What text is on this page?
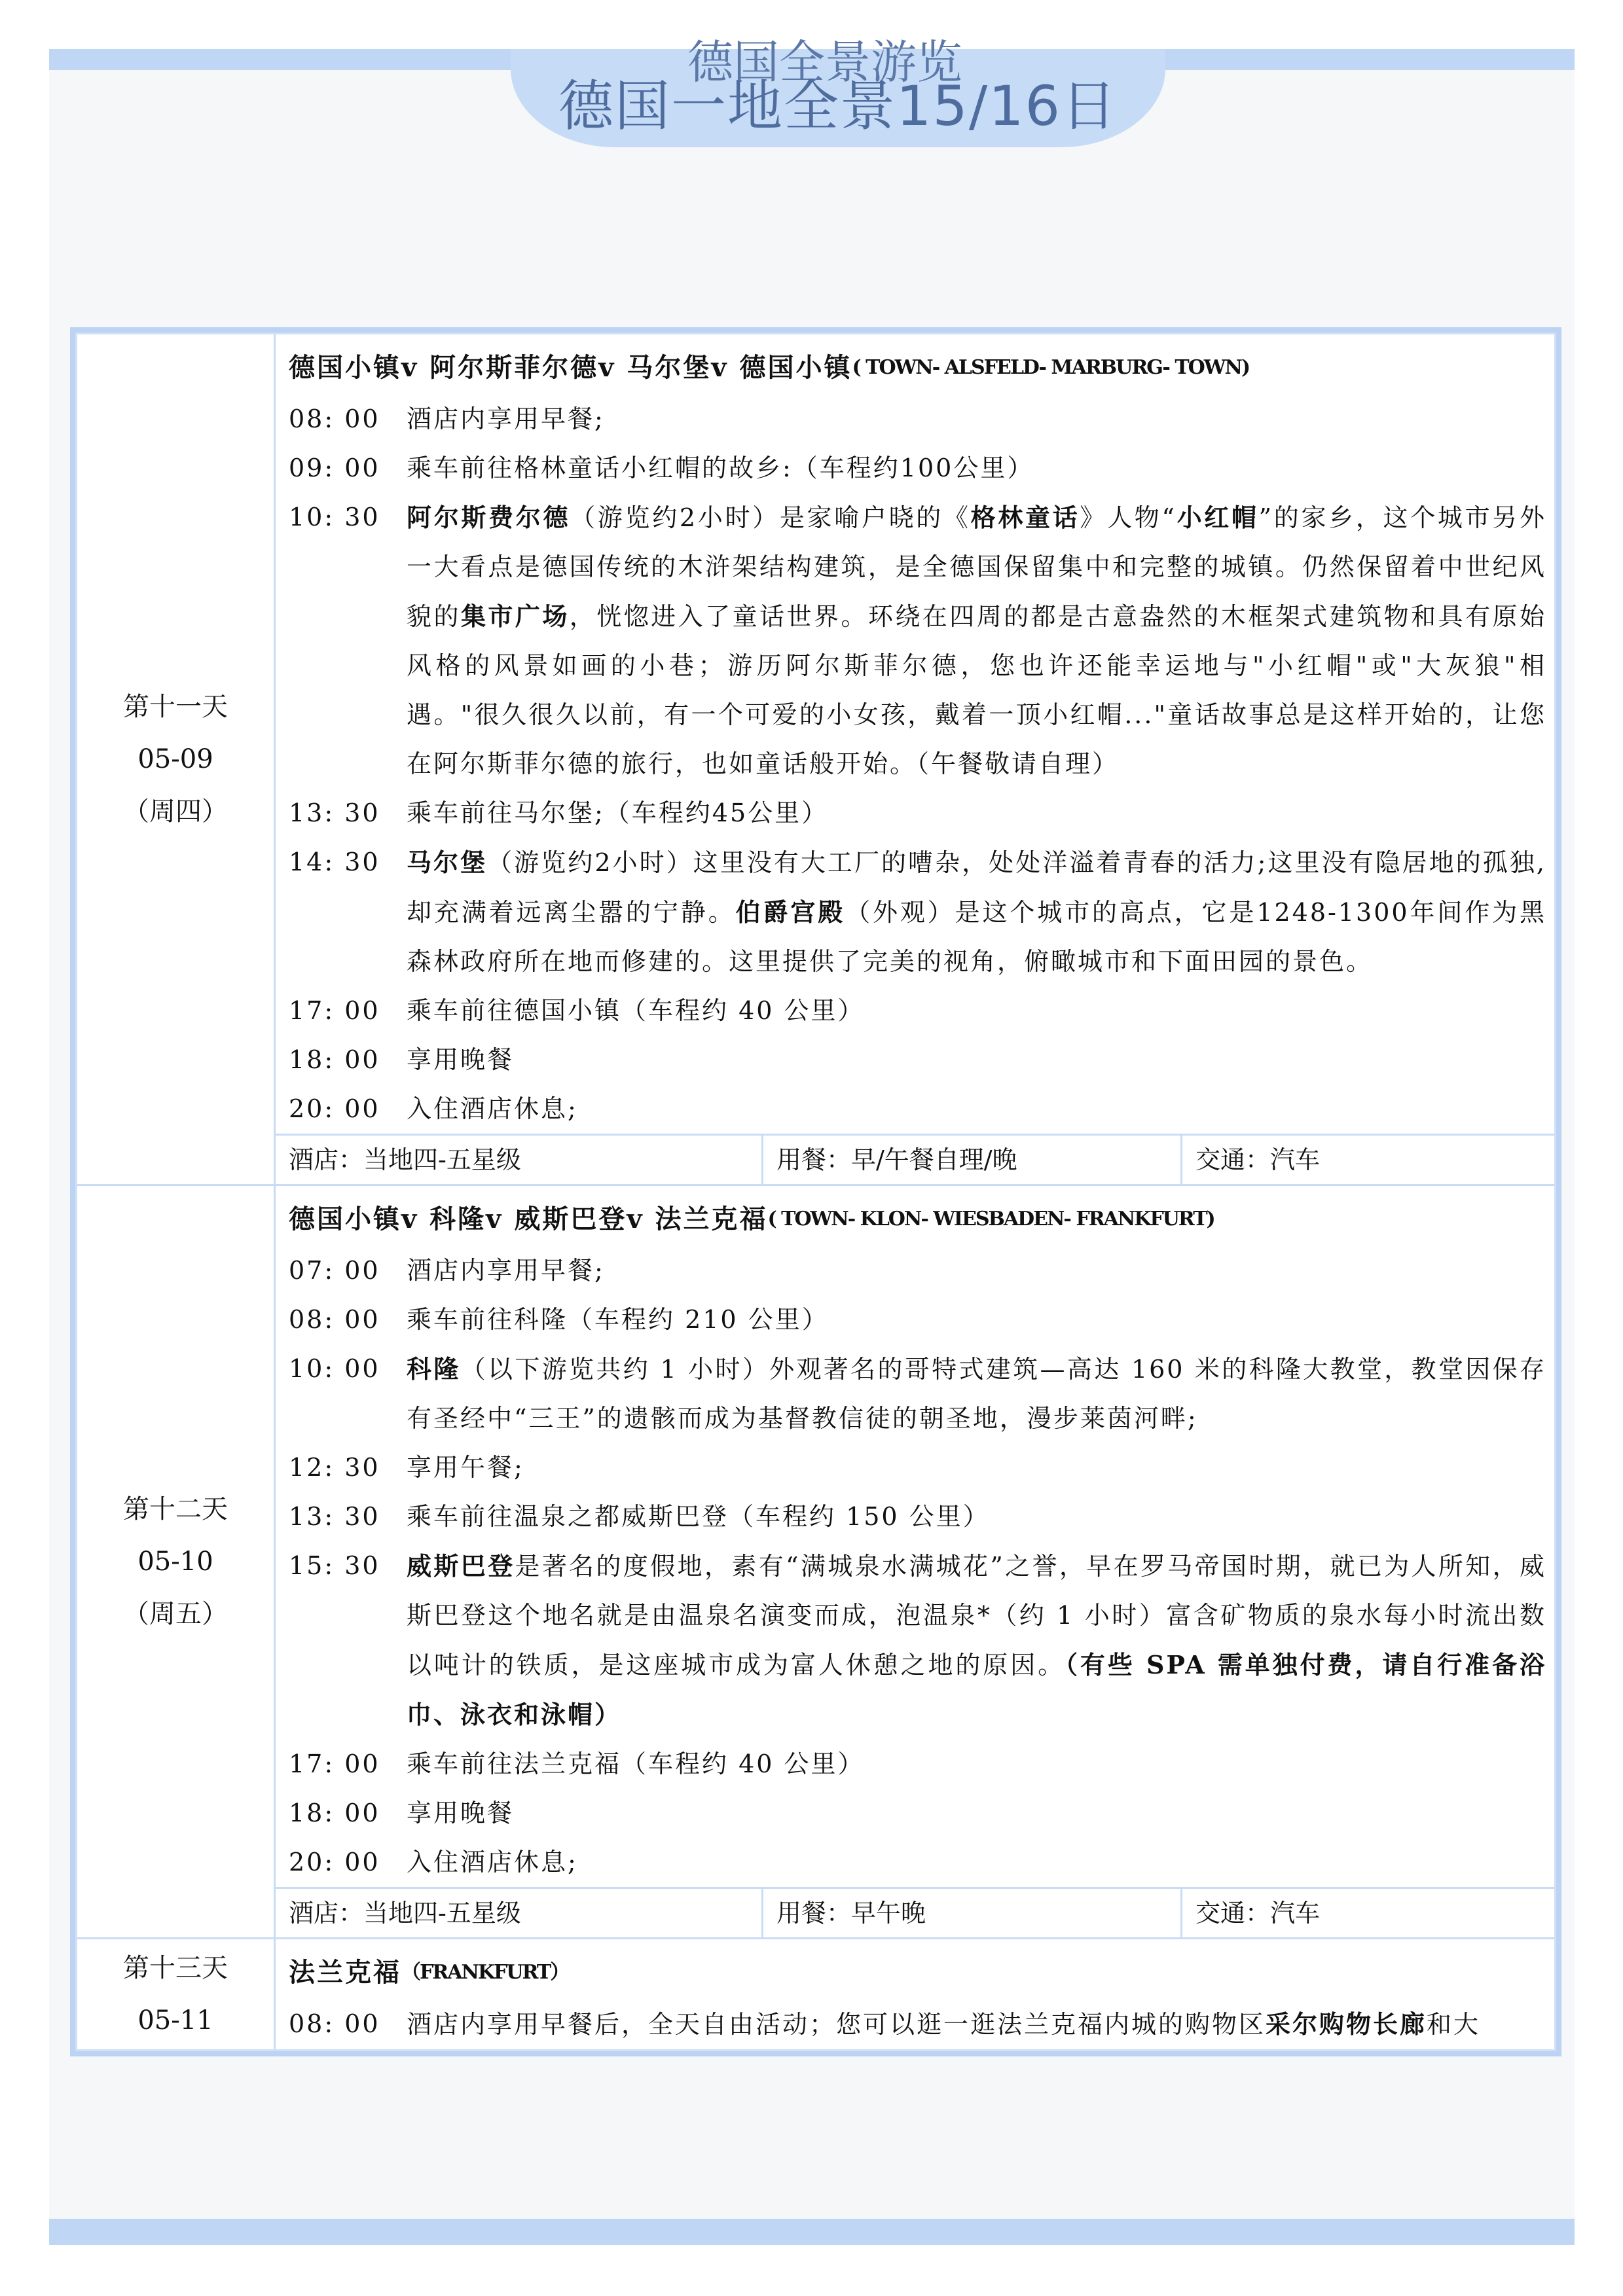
德国一地全景15/16日
第十一天
05-09
（周四）
德国小镇v 阿尔斯菲尔德v 马尔堡v 德国小镇 ( TOWN- ALSFELD- MARBURG- TOWN)
08: 00	酒店内享用早餐;
09: 00	乘车前往格林童话小红帽的故乡:（车程约100公里）
10: 30	阿尔斯费尔德（游览约2小时）是家喻户晓的《格林童话》人物“小红帽”的家乡，这个城市另外一大看点是德国传统的木浒架结构建筑，是全德国保留集中和完整的城镇。仍然保留着中世纪风貌的集市广场，恍惚进入了童话世界。环绕在四周的都是古意盎然的木框架式建筑物和具有原始风格的风景如画的小巷；游历阿尔斯菲尔德，您也许还能幸运地与"小红帽"或"大灰狼"相遇。"很久很久以前，有一个可爱的小女孩，戴着一顶小红帽..."童话故事总是这样开始的，让您在阿尔斯菲尔德的旅行，也如童话般开始。（午餐敬请自理）
13: 30	乘车前往马尔堡;（车程约45公里）
14: 30	马尔堡（游览约2小时）这里没有大工厂的嘈杂，处处洋溢着青春的活力;这里没有隐居地的孤独,却充满着远离尘嚣的宁静。伯爵宫殿（外观）是这个城市的高点，它是1248-1300年间作为黑森林政府所在地而修建的。这里提供了完美的视角，俯瞰城市和下面田园的景色。
17: 00	乘车前往德国小镇（车程约 40 公里）
18: 00	享用晚餐
20: 00	入住酒店休息;
酒店：当地四-五星级	用餐：早/午餐自理/晚	交通：汽车
第十二天
05-10
（周五）
德国小镇v 科隆v 威斯巴登v 法兰克福 ( TOWN- KLON- WIESBADEN- FRANKFURT)
07: 00	酒店内享用早餐;
08: 00	乘车前往科隆（车程约 210 公里）
10: 00	科隆（以下游览共约 1 小时）外观著名的哥特式建筑—高达 160 米的科隆大教堂，教堂因保存有圣经中“三王”的遗骸而成为基督教信徒的朝圣地，漫步莱茵河畔;
12: 30	享用午餐;
13: 30	乘车前往温泉之都威斯巴登（车程约 150 公里）
15: 30	威斯巴登是著名的度假地，素有“满城泉水满城花”之誉，早在罗马帝国时期，就已为人所知，威斯巴登这个地名就是由温泉名演变而成，泡温泉*（约 1 小时）富含矿物质的泉水每小时流出数以吨计的铁质，是这座城市成为富人休憩之地的原因。（有些 SPA 需单独付费，请自行准备浴巾、泳衣和泳帽）
17: 00	乘车前往法兰克福（车程约 40 公里）
18: 00	享用晚餐
20: 00	入住酒店休息;
酒店：当地四-五星级	用餐：早午晚	交通：汽车
第十三天
05-11
法兰克福 （FRANKFURT）
08: 00	酒店内享用早餐后，全天自由活动；您可以逛一逛法兰克福内城的购物区采尔购物长廊和大
